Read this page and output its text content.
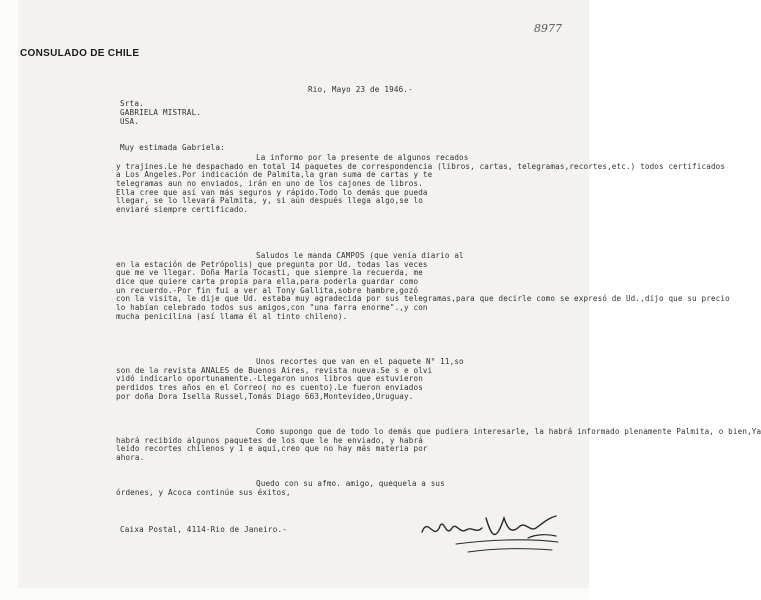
8977
CONSULADO DE CHILE
Rio, Mayo 23 de 1946.-
Srta.
GABRIELA MISTRAL.
USA.
Muy estimada Gabriela:
La informo por la presente de algunos recados
y trajines.Le he despachado en total 14 paquetes de correspondencia (libros, cartas, telegramas,recortes,etc.) todos certificados
a Los Angeles.Por indicación de Palmita,la gran suma de cartas y te
telegramas aun no enviados, irán en uno de los cajones de libros.
Ella cree que así van más seguros y rápido.Todo lo demás que pueda
llegar, se lo llevará Palmita, y, si aún después llega algo,se lo
enviaré siempre certificado.
Saludos le manda CAMPOS (que venía diario al
en la estación de Petrópolis) que pregunta por Ud. todas las veces
que me ve llegar. Doña María Tocasti, que siempre la recuerda, me
dice que quiere carta propia para ella,para poderla guardar como
un recuerdo.-Por fin fui a ver al Tony Gallita,sobre hambre,gozó
con la visita, le dije que Ud. estaba muy agradecida por sus telegramas,para que decirle como se expresó de Ud.,dijo que su precio
lo habían celebrado todos sus amigos,con "una farra enorme".,y con
mucha penicilina (así llama él al tinto chileno).
Unos recortes que van en el paquete N° 11,so
son de la revista ANALES de Buenos Aires, revista nueva.Se s e olvi
vidó indicarlo oportunamente.-Llegaron unos libros que estuvieron
perdidos tres años en el Correo( no es cuento).Le fueron enviados
por doña Dora Isella Russel,Tomás Diago 663,Montevideo,Uruguay.
Como supongo que de todo lo demás que pudiera interesarle, la habrá informado plenamente Palmita, o bien,Ya
habrá recibido algunos paquetes de los que le he enviado, y habrá
leído recortes chilenos y 1 e aquí,creo que no hay más materia por
ahora.
Quedo con su afmo. amigo, quequela a sus
órdenes, y Acoca continúe sus éxitos,
Caixa Postal, 4114-Rio de Janeiro.-
